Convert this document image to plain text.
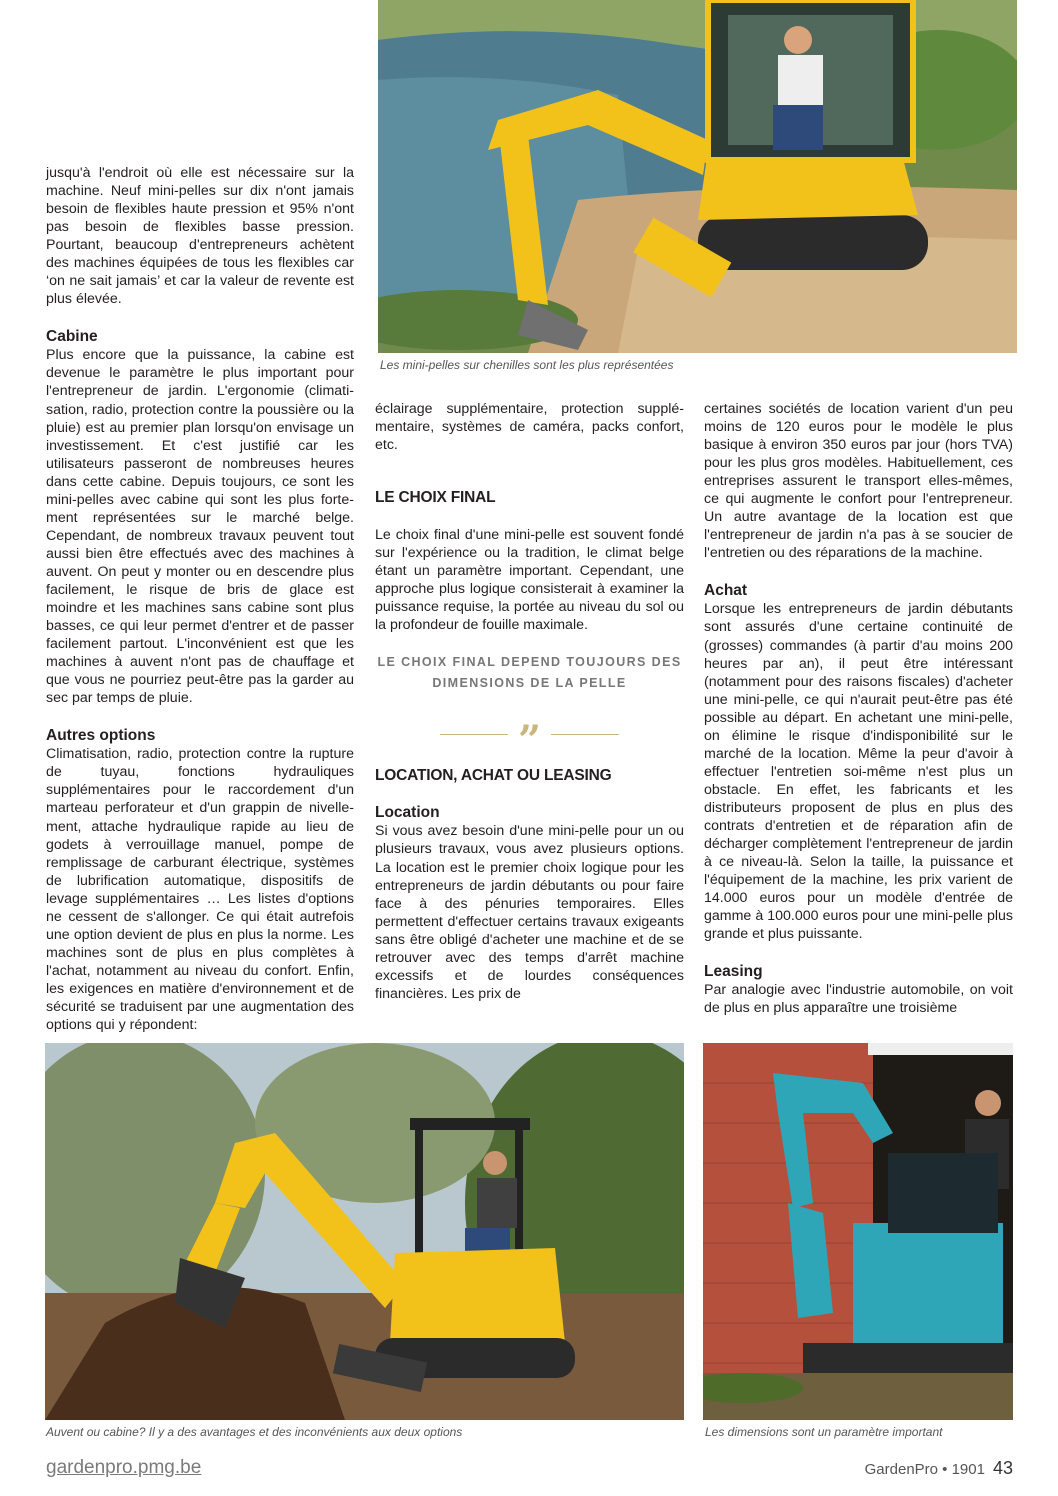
Les mini-pelles sur chenilles sont les plus représentées

jusqu'à l'endroit où elle est nécessaire sur la machine. Neuf mini-pelles sur dix n'ont jamais besoin de flexibles haute pression et 95% n'ont pas besoin de flexibles basse pression. Pourtant, beaucoup d'entrepreneurs achètent des machines équipées de tous les flexibles car ‘on ne sait jamais’ et car la valeur de revente est plus élevée.

Cabine

Plus encore que la puissance, la cabine est devenue le paramètre le plus important pour l'entrepreneur de jardin. L'ergonomie (climatisation, radio, protection contre la poussière ou la pluie) est au premier plan lorsqu'on envisage un investissement. Et c'est justifié car les utilisateurs passeront de nombreuses heures dans cette cabine. Depuis toujours, ce sont les mini-pelles avec cabine qui sont les plus fortement représentées sur le marché belge. Cependant, de nombreux travaux peuvent tout aussi bien être effectués avec des machines à auvent. On peut y monter ou en descendre plus facilement, le risque de bris de glace est moindre et les machines sans cabine sont plus basses, ce qui leur permet d'entrer et de passer facilement partout. L'inconvénient est que les machines à auvent n'ont pas de chauffage et que vous ne pourriez peut-être pas la garder au sec par temps de pluie.

Autres options

Climatisation, radio, protection contre la rupture de tuyau, fonctions hydrauliques supplémentaires pour le raccordement d'un marteau perforateur et d'un grappin de nivellement, attache hydraulique rapide au lieu de godets à verrouillage manuel, pompe de remplissage de carburant électrique, systèmes de lubrification automatique, dispositifs de levage supplémentaires … Les listes d'options ne cessent de s'allonger. Ce qui était autrefois une option devient de plus en plus la norme. Les machines sont de plus en plus complètes à l'achat, notamment au niveau du confort. Enfin, les exigences en matière d'environnement et de sécurité se traduisent par une augmentation des options qui y répondent:

éclairage supplémentaire, protection supplémentaire, systèmes de caméra, packs confort, etc.

LE CHOIX FINAL

Le choix final d'une mini-pelle est souvent fondé sur l'expérience ou la tradition, le climat belge étant un paramètre important. Cependant, une approche plus logique consisterait à examiner la puissance requise, la portée au niveau du sol ou la profondeur de fouille maximale.

LE CHOIX FINAL DEPEND TOUJOURS DES DIMENSIONS DE LA PELLE
”
LOCATION, ACHAT OU LEASING
Location

Si vous avez besoin d'une mini-pelle pour un ou plusieurs travaux, vous avez plusieurs options. La location est le premier choix logique pour les entrepreneurs de jardin débutants ou pour faire face à des pénuries temporaires. Elles permettent d'effectuer certains travaux exigeants sans être obligé d'acheter une machine et de se retrouver avec des temps d'arrêt machine excessifs et de lourdes conséquences financières. Les prix de

certaines sociétés de location varient d'un peu moins de 120 euros pour le modèle le plus basique à environ 350 euros par jour (hors TVA) pour les plus gros modèles. Habituellement, ces entreprises assurent le transport elles-mêmes, ce qui augmente le confort pour l'entrepreneur. Un autre avantage de la location est que l'entrepreneur de jardin n'a pas à se soucier de l'entretien ou des réparations de la machine.

Achat

Lorsque les entrepreneurs de jardin débutants sont assurés d'une certaine continuité de (grosses) commandes (à partir d'au moins 200 heures par an), il peut être intéressant (notamment pour des raisons fiscales) d'acheter une mini-pelle, ce qui n'aurait peut-être pas été possible au départ. En achetant une mini-pelle, on élimine le risque d'indisponibilité sur le marché de la location. Même la peur d'avoir à effectuer l'entretien soi-même n'est plus un obstacle. En effet, les fabricants et les distributeurs proposent de plus en plus des contrats d'entretien et de réparation afin de décharger complètement l'entrepreneur de jardin à ce niveau-là. Selon la taille, la puissance et l'équipement de la machine, les prix varient de 14.000 euros pour un modèle d'entrée de gamme à 100.000 euros pour une mini-pelle plus grande et plus puissante.

Leasing

Par analogie avec l'industrie automobile, on voit de plus en plus apparaître une troisième

Auvent ou cabine? Il y a des avantages et des inconvénients aux deux options	Les dimensions sont un paramètre important
gardenpro.pmg.be	GardenPro • 1901 43
